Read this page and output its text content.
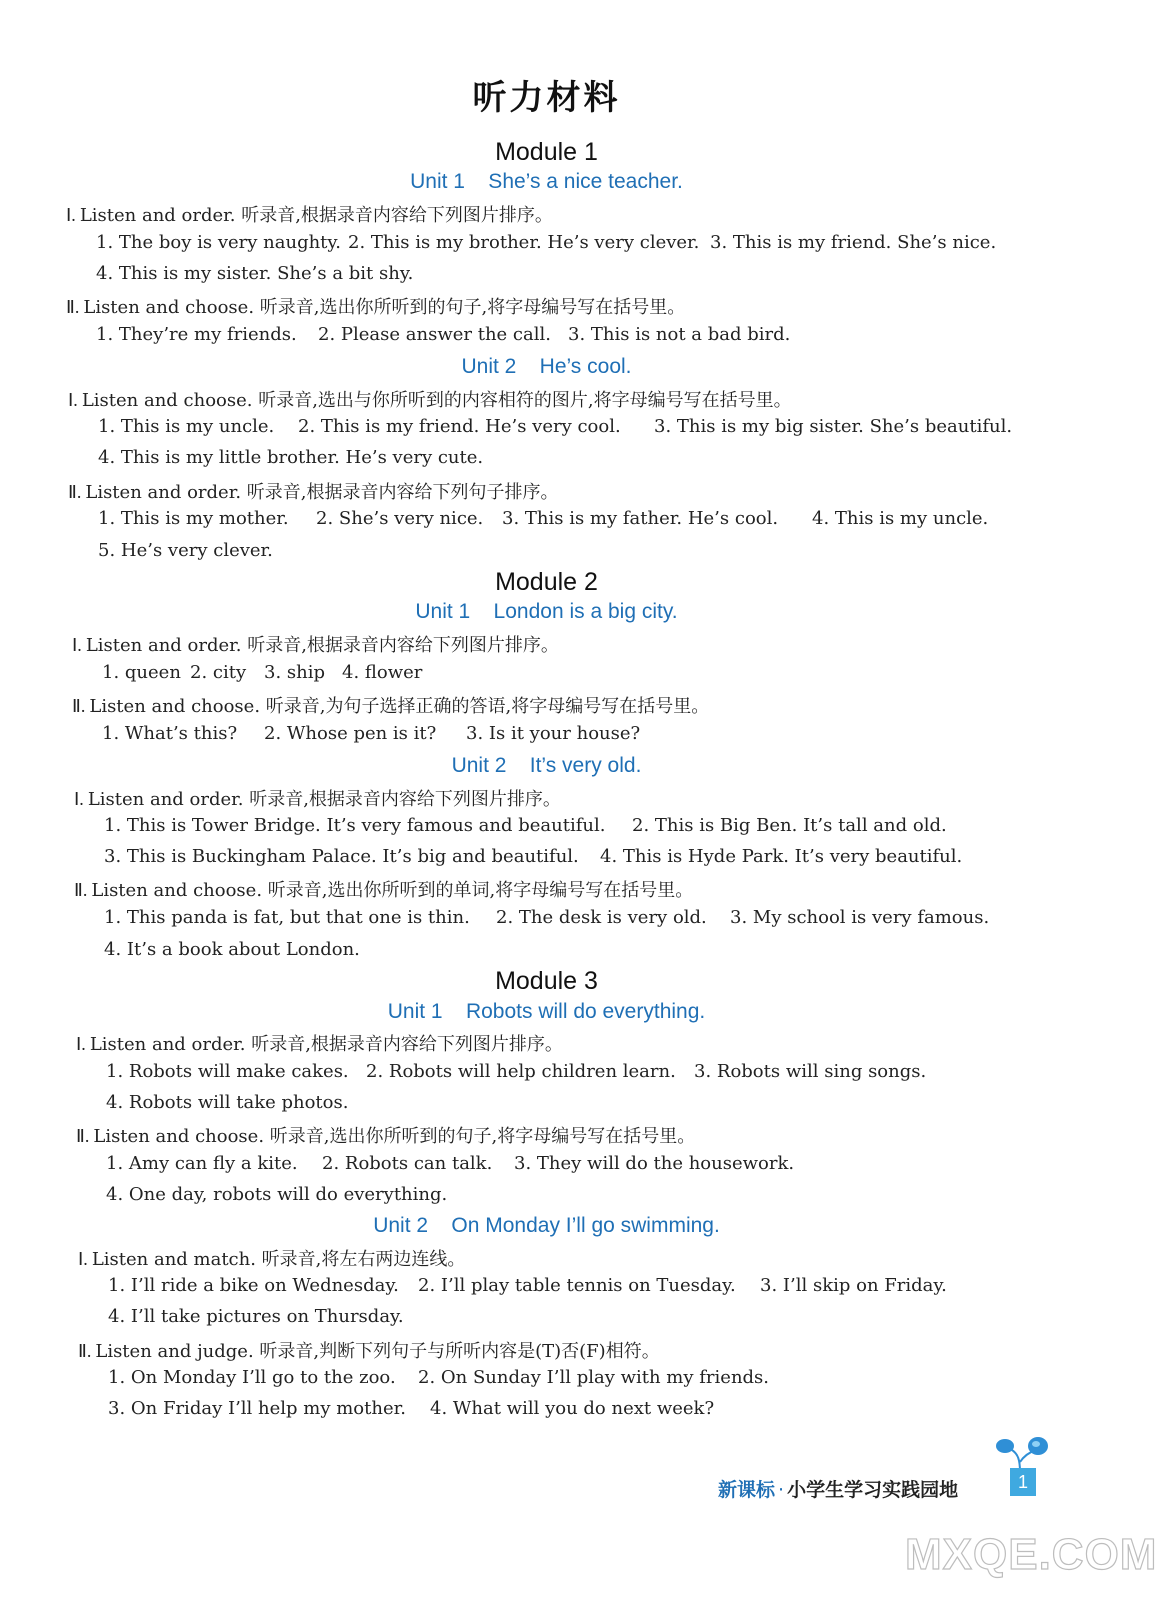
听力材料
Module 1
Unit 1    She’s a nice teacher.
Ⅰ. Listen and order. 听录音,根据录音内容给下列图片排序。
1. The boy is very naughty. 2. This is my brother. He’s very clever. 3. This is my friend. She’s nice.
4. This is my sister. She’s a bit shy.
Ⅱ. Listen and choose. 听录音,选出你所听到的句子,将字母编号写在括号里。
1. They’re my friends. 2. Please answer the call. 3. This is not a bad bird.
Unit 2    He’s cool.
Ⅰ. Listen and choose. 听录音,选出与你所听到的内容相符的图片,将字母编号写在括号里。
1. This is my uncle. 2. This is my friend. He’s very cool. 3. This is my big sister. She’s beautiful.
4. This is my little brother. He’s very cute.
Ⅱ. Listen and order. 听录音,根据录音内容给下列句子排序。
1. This is my mother. 2. She’s very nice. 3. This is my father. He’s cool. 4. This is my uncle.
5. He’s very clever.
Module 2
Unit 1    London is a big city.
Ⅰ. Listen and order. 听录音,根据录音内容给下列图片排序。
1. queen 2. city 3. ship 4. flower
Ⅱ. Listen and choose. 听录音,为句子选择正确的答语,将字母编号写在括号里。
1. What’s this? 2. Whose pen is it? 3. Is it your house?
Unit 2    It’s very old.
Ⅰ. Listen and order. 听录音,根据录音内容给下列图片排序。
1. This is Tower Bridge. It’s very famous and beautiful. 2. This is Big Ben. It’s tall and old.
3. This is Buckingham Palace. It’s big and beautiful. 4. This is Hyde Park. It’s very beautiful.
Ⅱ. Listen and choose. 听录音,选出你所听到的单词,将字母编号写在括号里。
1. This panda is fat, but that one is thin. 2. The desk is very old. 3. My school is very famous.
4. It’s a book about London.
Module 3
Unit 1    Robots will do everything.
Ⅰ. Listen and order. 听录音,根据录音内容给下列图片排序。
1. Robots will make cakes. 2. Robots will help children learn. 3. Robots will sing songs.
4. Robots will take photos.
Ⅱ. Listen and choose. 听录音,选出你所听到的句子,将字母编号写在括号里。
1. Amy can fly a kite. 2. Robots can talk. 3. They will do the housework.
4. One day, robots will do everything.
Unit 2    On Monday I’ll go swimming.
Ⅰ. Listen and match. 听录音,将左右两边连线。
1. I’ll ride a bike on Wednesday. 2. I’ll play table tennis on Tuesday. 3. I’ll skip on Friday.
4. I’ll take pictures on Thursday.
Ⅱ. Listen and judge. 听录音,判断下列句子与所听内容是(T)否(F)相符。
1. On Monday I’ll go to the zoo. 2. On Sunday I’ll play with my friends.
3. On Friday I’ll help my mother. 4. What will you do next week?
新课标 · 小学生学习实践园地	1
MXQE.COM
